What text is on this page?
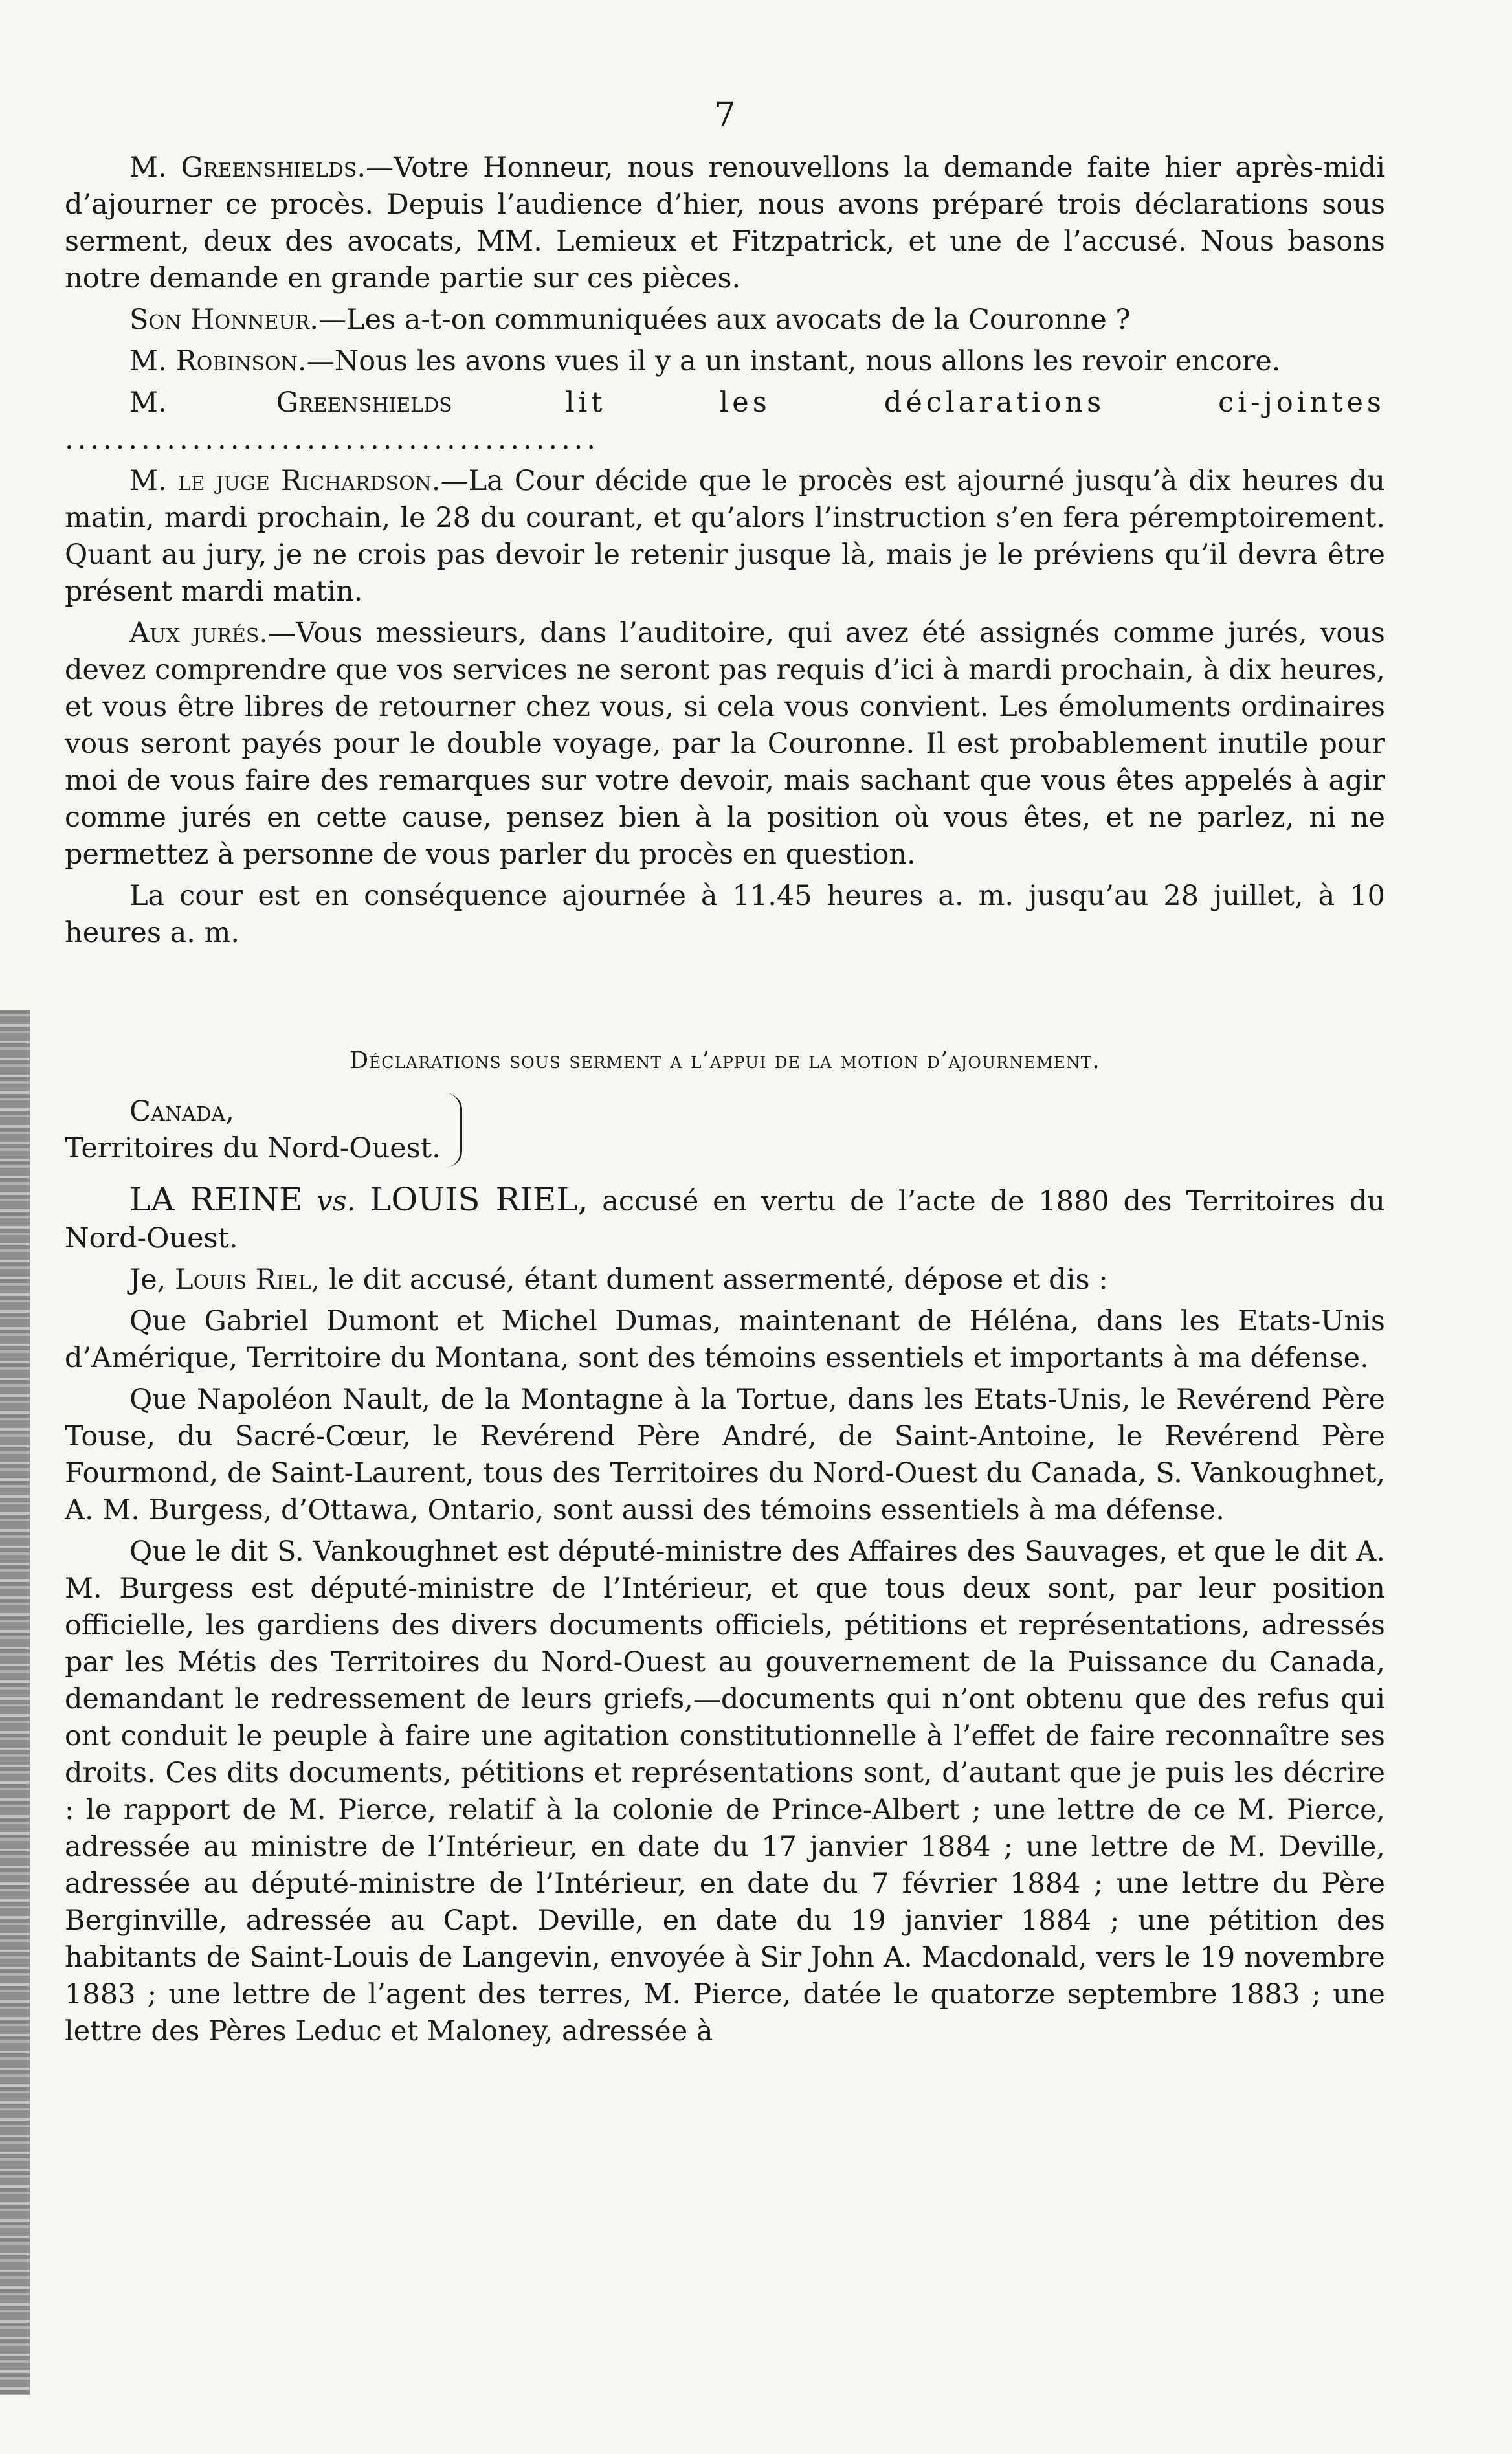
7

M. Greenshields.—Votre Honneur, nous renouvellons la demande faite hier après-midi d’ajourner ce procès. Depuis l’audience d’hier, nous avons préparé trois déclarations sous serment, deux des avocats, MM. Lemieux et Fitzpatrick, et une de l’accusé. Nous basons notre demande en grande partie sur ces pièces.

Son Honneur.—Les a-t-on communiquées aux avocats de la Couronne ?

M. Robinson.—Nous les avons vues il y a un instant, nous allons les revoir encore.

M. Greenshields lit les déclarations ci-jointes ..........................................

M. le juge Richardson.—La Cour décide que le procès est ajourné jusqu’à dix heures du matin, mardi prochain, le 28 du courant, et qu’alors l’instruction s’en fera péremptoirement. Quant au jury, je ne crois pas devoir le retenir jusque là, mais je le préviens qu’il devra être présent mardi matin.

Aux jurés.—Vous messieurs, dans l’auditoire, qui avez été assignés comme jurés, vous devez comprendre que vos services ne seront pas requis d’ici à mardi prochain, à dix heures, et vous être libres de retourner chez vous, si cela vous convient. Les émoluments ordinaires vous seront payés pour le double voyage, par la Couronne. Il est probablement inutile pour moi de vous faire des remarques sur votre devoir, mais sachant que vous êtes appelés à agir comme jurés en cette cause, pensez bien à la position où vous êtes, et ne parlez, ni ne permettez à personne de vous parler du procès en question.

La cour est en conséquence ajournée à 11.45 heures a. m. jusqu’au 28 juillet, à 10 heures a. m.

Déclarations sous serment a l’appui de la motion d’ajournement.
Canada,
Territoires du Nord-Ouest.

LA REINE vs. LOUIS RIEL, accusé en vertu de l’acte de 1880 des Territoires du Nord-Ouest.

Je, Louis Riel, le dit accusé, étant dument assermenté, dépose et dis :

Que Gabriel Dumont et Michel Dumas, maintenant de Héléna, dans les Etats-Unis d’Amérique, Territoire du Montana, sont des témoins essentiels et importants à ma défense.

Que Napoléon Nault, de la Montagne à la Tortue, dans les Etats-Unis, le Revérend Père Touse, du Sacré-Cœur, le Revérend Père André, de Saint-Antoine, le Revérend Père Fourmond, de Saint-Laurent, tous des Territoires du Nord-Ouest du Canada, S. Vankoughnet, A. M. Burgess, d’Ottawa, Ontario, sont aussi des témoins essentiels à ma défense.

Que le dit S. Vankoughnet est député-ministre des Affaires des Sauvages, et que le dit A. M. Burgess est député-ministre de l’Intérieur, et que tous deux sont, par leur position officielle, les gardiens des divers documents officiels, pétitions et représentations, adressés par les Métis des Territoires du Nord-Ouest au gouvernement de la Puissance du Canada, demandant le redressement de leurs griefs,—documents qui n’ont obtenu que des refus qui ont conduit le peuple à faire une agitation constitutionnelle à l’effet de faire reconnaître ses droits. Ces dits documents, pétitions et représentations sont, d’autant que je puis les décrire : le rapport de M. Pierce, relatif à la colonie de Prince-Albert ; une lettre de ce M. Pierce, adressée au ministre de l’Intérieur, en date du 17 janvier 1884 ; une lettre de M. Deville, adressée au député-ministre de l’Intérieur, en date du 7 février 1884 ; une lettre du Père Berginville, adressée au Capt. Deville, en date du 19 janvier 1884 ; une pétition des habitants de Saint-Louis de Langevin, envoyée à Sir John A. Macdonald, vers le 19 novembre 1883 ; une lettre de l’agent des terres, M. Pierce, datée le quatorze septembre 1883 ; une lettre des Pères Leduc et Maloney, adressée à
